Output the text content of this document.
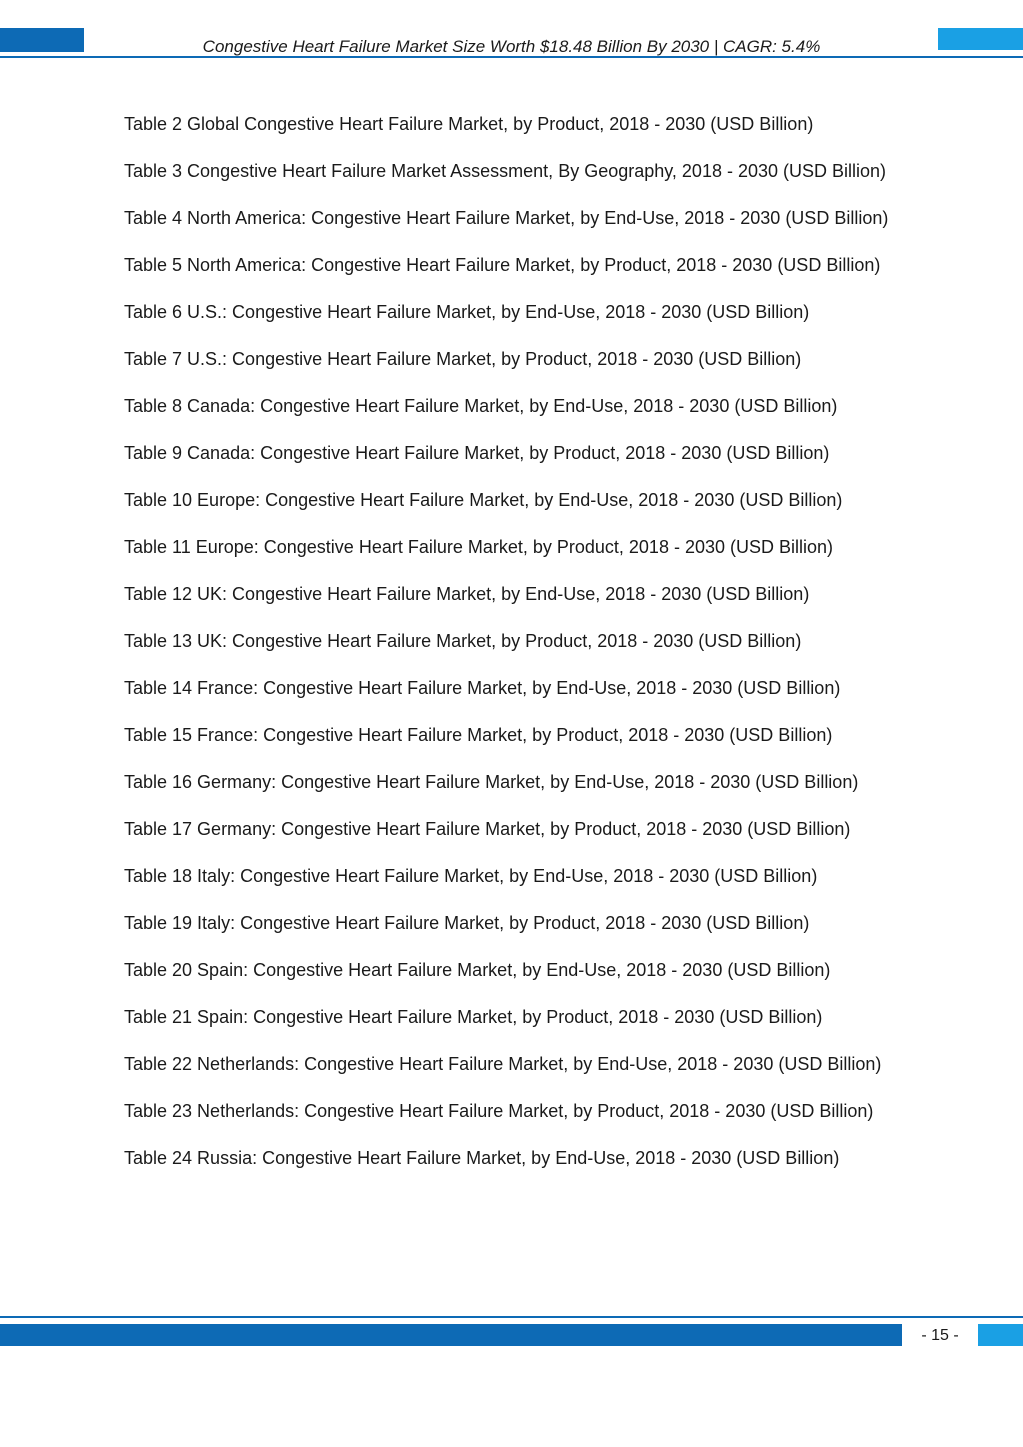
Congestive Heart Failure Market Size Worth $18.48 Billion By 2030 | CAGR: 5.4%
Table 2 Global Congestive Heart Failure Market, by Product, 2018 - 2030 (USD Billion)
Table 3 Congestive Heart Failure Market Assessment, By Geography, 2018 - 2030 (USD Billion)
Table 4 North America: Congestive Heart Failure Market, by End-Use, 2018 - 2030 (USD Billion)
Table 5 North America: Congestive Heart Failure Market, by Product, 2018 - 2030 (USD Billion)
Table 6 U.S.: Congestive Heart Failure Market, by End-Use, 2018 - 2030 (USD Billion)
Table 7 U.S.: Congestive Heart Failure Market, by Product, 2018 - 2030 (USD Billion)
Table 8 Canada: Congestive Heart Failure Market, by End-Use, 2018 - 2030 (USD Billion)
Table 9 Canada: Congestive Heart Failure Market, by Product, 2018 - 2030 (USD Billion)
Table 10 Europe: Congestive Heart Failure Market, by End-Use, 2018 - 2030 (USD Billion)
Table 11 Europe: Congestive Heart Failure Market, by Product, 2018 - 2030 (USD Billion)
Table 12 UK: Congestive Heart Failure Market, by End-Use, 2018 - 2030 (USD Billion)
Table 13 UK: Congestive Heart Failure Market, by Product, 2018 - 2030 (USD Billion)
Table 14 France: Congestive Heart Failure Market, by End-Use, 2018 - 2030 (USD Billion)
Table 15 France: Congestive Heart Failure Market, by Product, 2018 - 2030 (USD Billion)
Table 16 Germany: Congestive Heart Failure Market, by End-Use, 2018 - 2030 (USD Billion)
Table 17 Germany: Congestive Heart Failure Market, by Product, 2018 - 2030 (USD Billion)
Table 18 Italy: Congestive Heart Failure Market, by End-Use, 2018 - 2030 (USD Billion)
Table 19 Italy: Congestive Heart Failure Market, by Product, 2018 - 2030 (USD Billion)
Table 20 Spain: Congestive Heart Failure Market, by End-Use, 2018 - 2030 (USD Billion)
Table 21 Spain: Congestive Heart Failure Market, by Product, 2018 - 2030 (USD Billion)
Table 22 Netherlands: Congestive Heart Failure Market, by End-Use, 2018 - 2030 (USD Billion)
Table 23 Netherlands: Congestive Heart Failure Market, by Product, 2018 - 2030 (USD Billion)
Table 24 Russia: Congestive Heart Failure Market, by End-Use, 2018 - 2030 (USD Billion)
- 15 -
